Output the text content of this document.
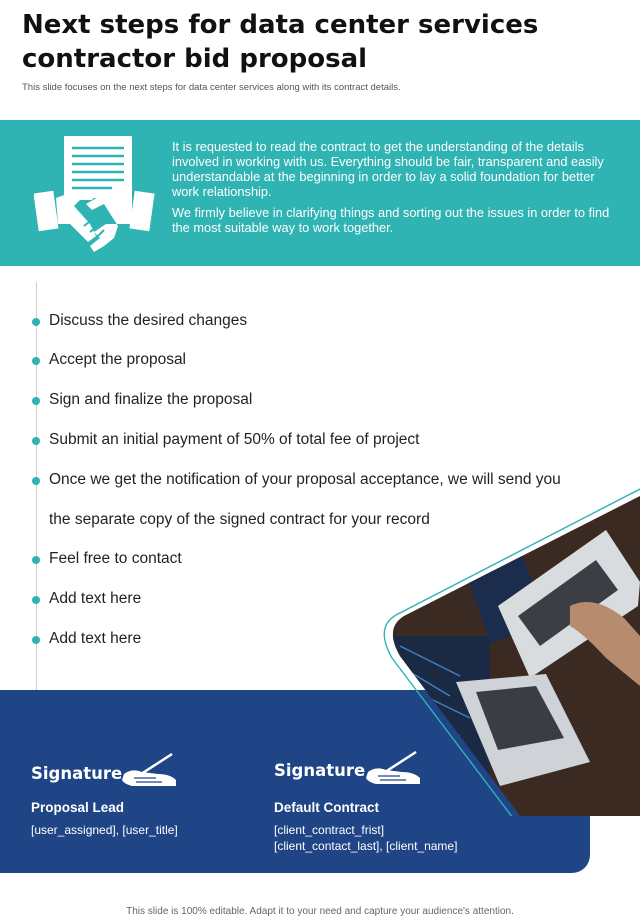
Next steps for data center services contractor bid proposal
This slide focuses on the next steps for data center services along with its contract details.

It is requested to read the contract to get the understanding of the details involved in working with us. Everything should be fair, transparent and easily understandable at the beginning in order to lay a solid foundation for better work relationship.

We firmly believe in clarifying things and sorting out the issues in order to find the most suitable way to work together.

Discuss the desired changes
Accept the proposal
Sign and finalize the proposal
Submit an initial payment of 50% of total fee of project
Once we get the notification of your proposal acceptance, we will send you
the separate copy of the signed contract for your record
Feel free to contact
Add text here
Add text here
Signature
Proposal Lead
[user_assigned], [user_title]
Signature
Default Contract
[client_contract_frist]
[client_contact_last], [client_name]
This slide is 100% editable. Adapt it to your need and capture your audience's attention.
